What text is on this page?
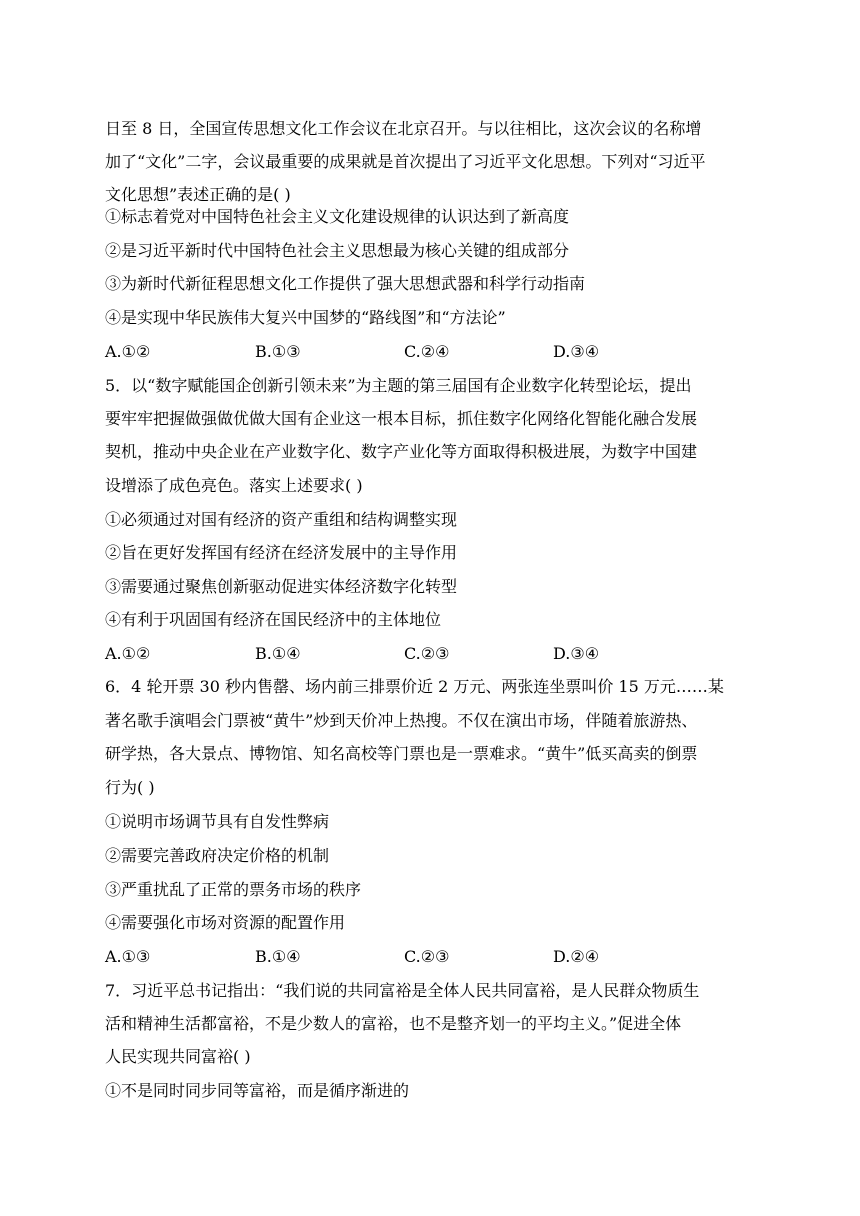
日至 8 日，全国宣传思想文化工作会议在北京召开。与以往相比，这次会议的名称增
加了“文化”二字，会议最重要的成果就是首次提出了习近平文化思想。下列对“习近平
文化思想”表述正确的是( )
①标志着党对中国特色社会主义文化建设规律的认识达到了新高度
②是习近平新时代中国特色社会主义思想最为核心关键的组成部分
③为新时代新征程思想文化工作提供了强大思想武器和科学行动指南
④是实现中华民族伟大复兴中国梦的“路线图”和“方法论”
A.①②	B.①③	C.②④	D.③④
5．以“数字赋能国企创新引领未来”为主题的第三届国有企业数字化转型论坛，提出
要牢牢把握做强做优做大国有企业这一根本目标，抓住数字化网络化智能化融合发展
契机，推动中央企业在产业数字化、数字产业化等方面取得积极进展，为数字中国建
设增添了成色亮色。落实上述要求( )
①必须通过对国有经济的资产重组和结构调整实现
②旨在更好发挥国有经济在经济发展中的主导作用
③需要通过聚焦创新驱动促进实体经济数字化转型
④有利于巩固国有经济在国民经济中的主体地位
A.①②	B.①④	C.②③	D.③④
6．4 轮开票 30 秒内售罄、场内前三排票价近 2 万元、两张连坐票叫价 15 万元……某
著名歌手演唱会门票被“黄牛”炒到天价冲上热搜。不仅在演出市场，伴随着旅游热、
研学热，各大景点、博物馆、知名高校等门票也是一票难求。“黄牛”低买高卖的倒票
行为( )
①说明市场调节具有自发性弊病
②需要完善政府决定价格的机制
③严重扰乱了正常的票务市场的秩序
④需要强化市场对资源的配置作用
A.①③	B.①④	C.②③	D.②④
7．习近平总书记指出：“我们说的共同富裕是全体人民共同富裕，是人民群众物质生
活和精神生活都富裕，不是少数人的富裕，也不是整齐划一的平均主义。”促进全体
人民实现共同富裕( )
①不是同时同步同等富裕，而是循序渐进的
